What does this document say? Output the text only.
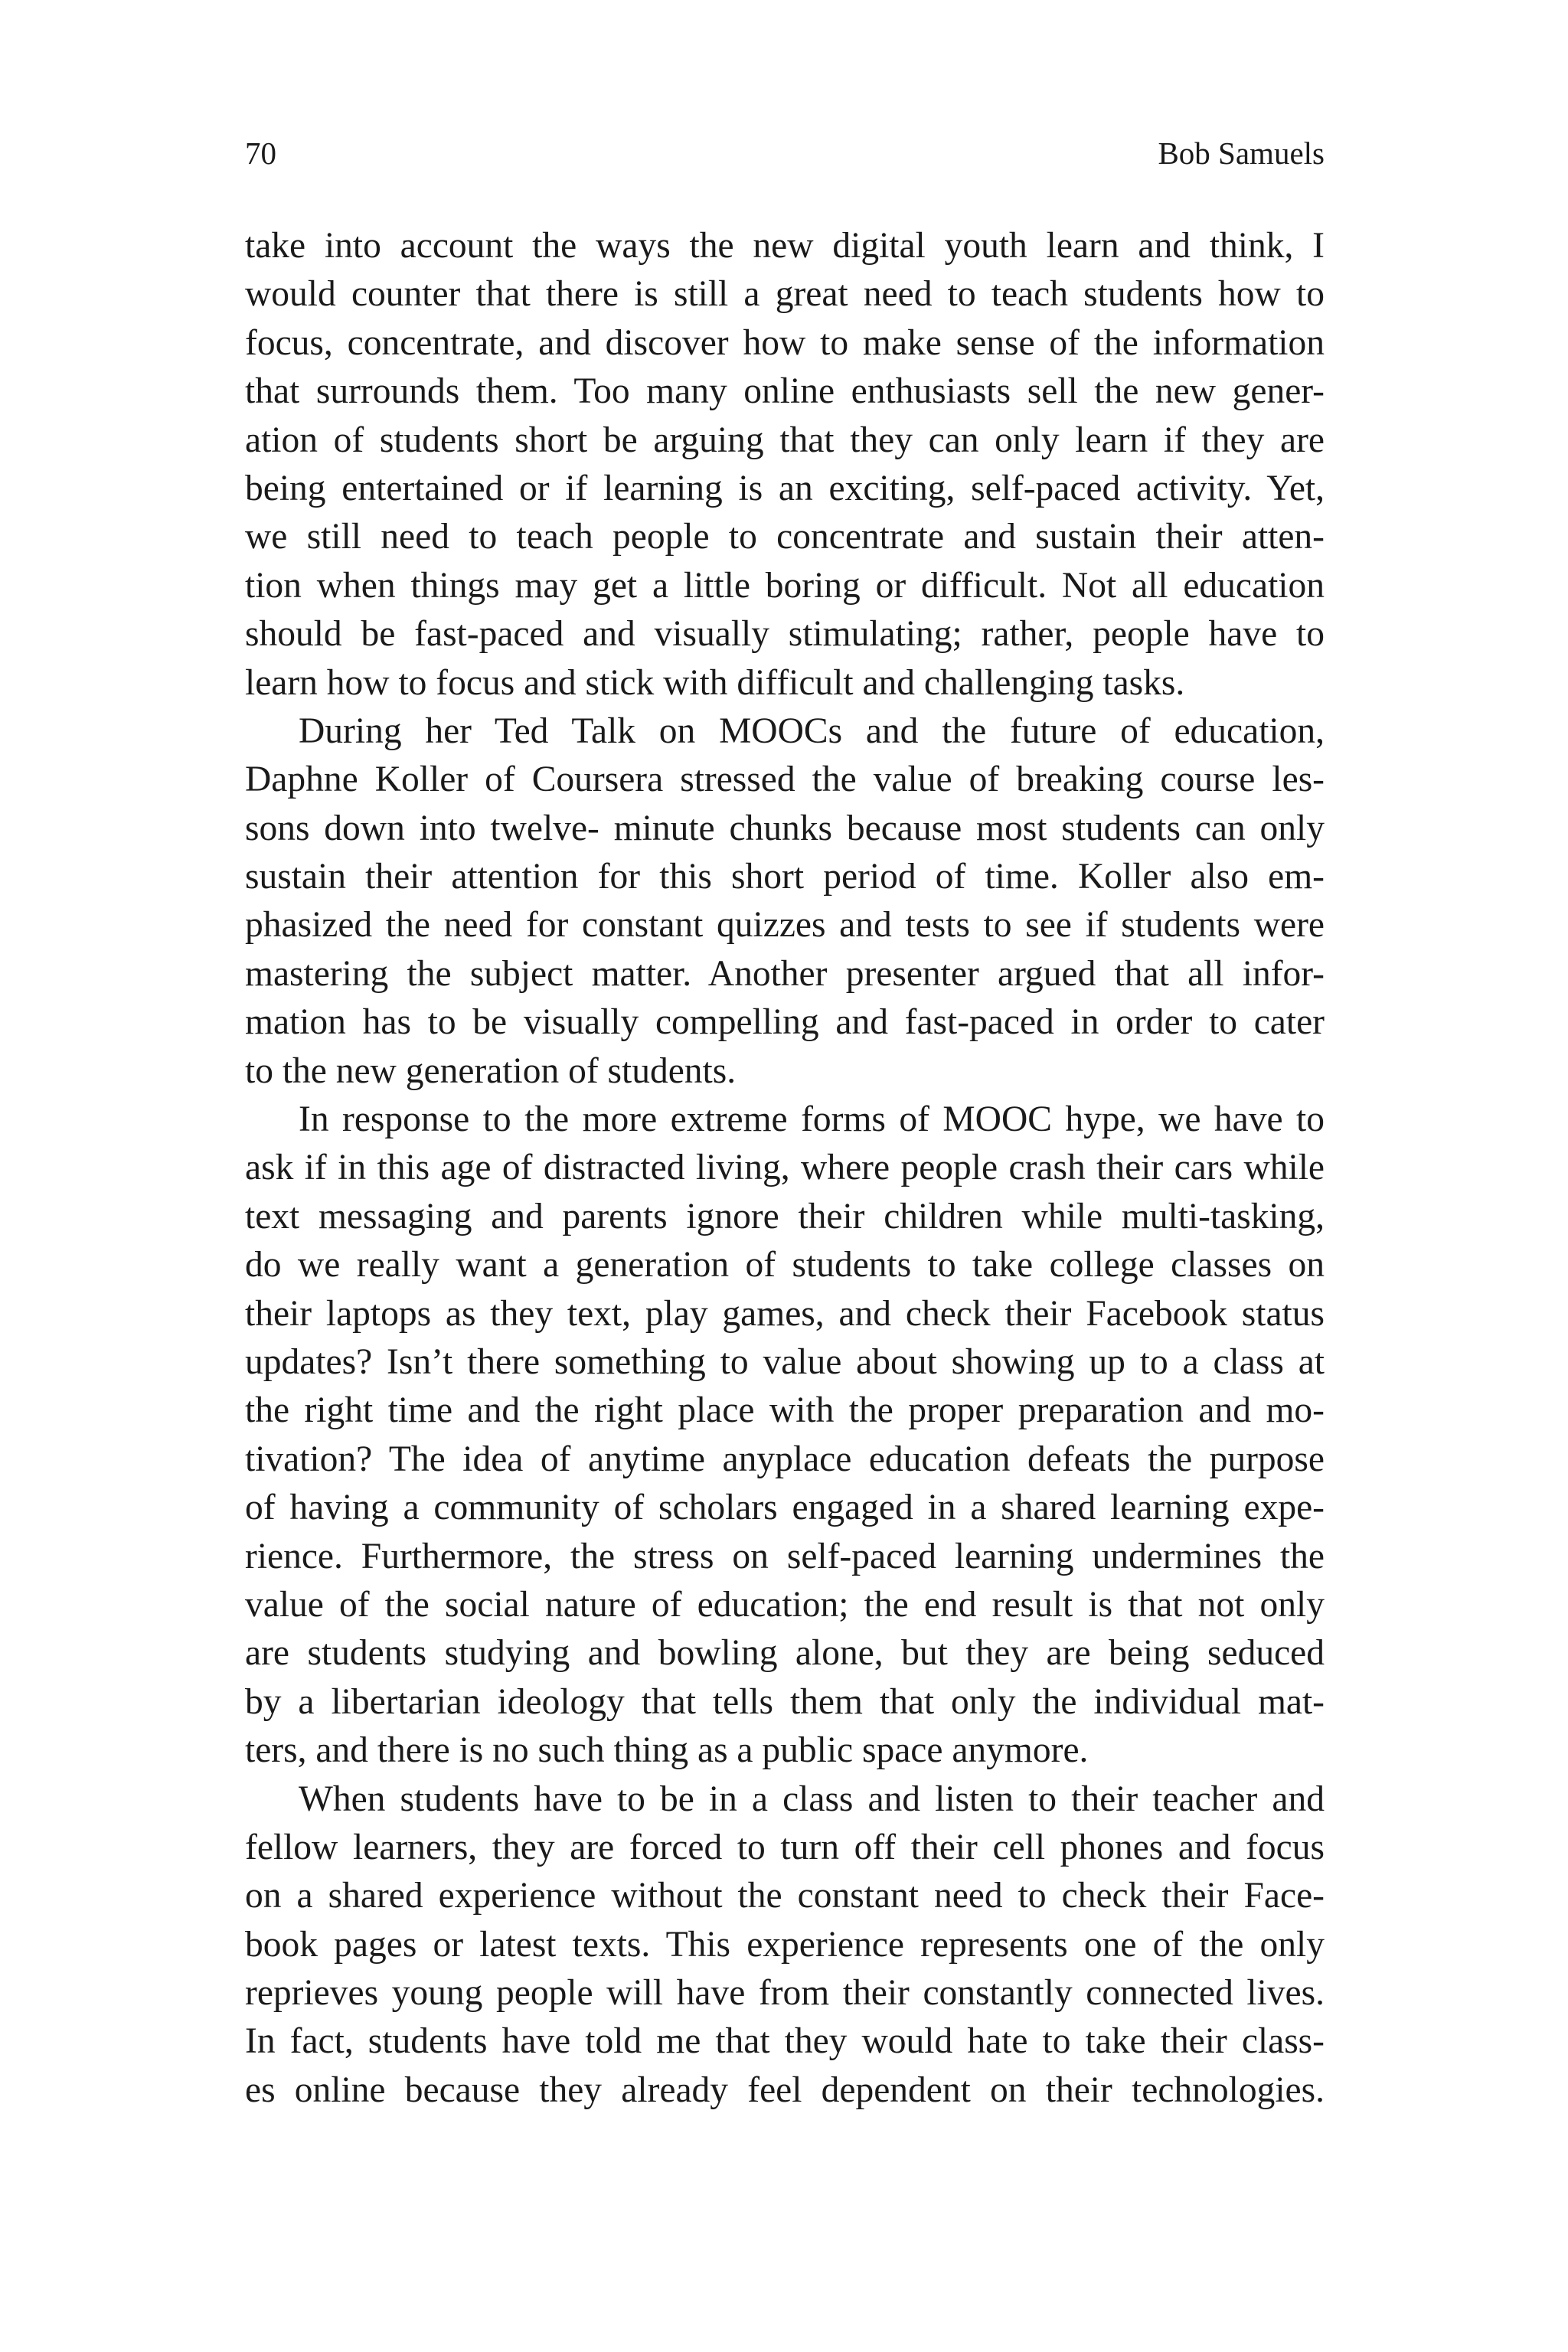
70	Bob Samuels
take into account the ways the new digital youth learn and think, I
would counter that there is still a great need to teach students how to
focus, concentrate, and discover how to make sense of the information
that surrounds them. Too many online enthusiasts sell the new gener-
ation of students short be arguing that they can only learn if they are
being entertained or if learning is an exciting, self-paced activity. Yet,
we still need to teach people to concentrate and sustain their atten-
tion when things may get a little boring or difficult. Not all education
should be fast-paced and visually stimulating; rather, people have to
learn how to focus and stick with difficult and challenging tasks.
During her Ted Talk on MOOCs and the future of education,
Daphne Koller of Coursera stressed the value of breaking course les-
sons down into twelve- minute chunks because most students can only
sustain their attention for this short period of time. Koller also em-
phasized the need for constant quizzes and tests to see if students were
mastering the subject matter. Another presenter argued that all infor-
mation has to be visually compelling and fast-paced in order to cater
to the new generation of students.
In response to the more extreme forms of MOOC hype, we have to
ask if in this age of distracted living, where people crash their cars while
text messaging and parents ignore their children while multi-tasking,
do we really want a generation of students to take college classes on
their laptops as they text, play games, and check their Facebook status
updates? Isn’t there something to value about showing up to a class at
the right time and the right place with the proper preparation and mo-
tivation? The idea of anytime anyplace education defeats the purpose
of having a community of scholars engaged in a shared learning expe-
rience. Furthermore, the stress on self-paced learning undermines the
value of the social nature of education; the end result is that not only
are students studying and bowling alone, but they are being seduced
by a libertarian ideology that tells them that only the individual mat-
ters, and there is no such thing as a public space anymore.
When students have to be in a class and listen to their teacher and
fellow learners, they are forced to turn off their cell phones and focus
on a shared experience without the constant need to check their Face-
book pages or latest texts. This experience represents one of the only
reprieves young people will have from their constantly connected lives.
In fact, students have told me that they would hate to take their class-
es online because they already feel dependent on their technologies.
